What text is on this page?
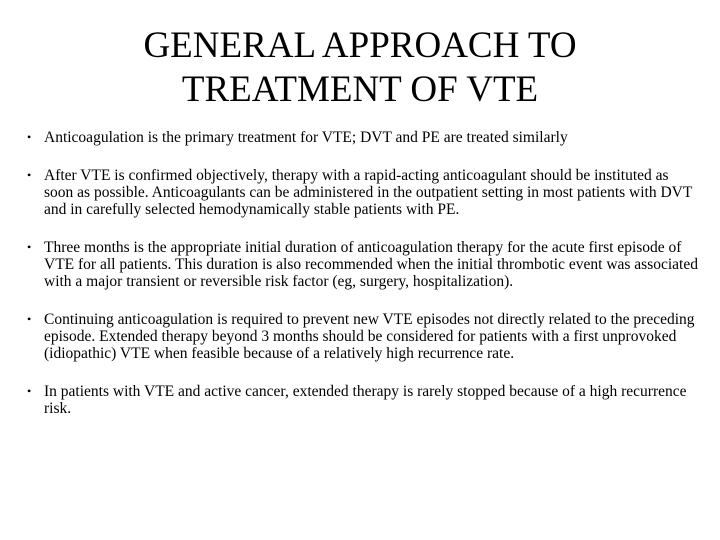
GENERAL APPROACH TO
TREATMENT OF VTE
• Anticoagulation is the primary treatment for VTE; DVT and PE are treated similarly
• After VTE is confirmed objectively, therapy with a rapid-acting anticoagulant should be instituted as soon as possible. Anticoagulants can be administered in the outpatient setting in most patients with DVT and in carefully selected hemodynamically stable patients with PE.
• Three months is the appropriate initial duration of anticoagulation therapy for the acute first episode of VTE for all patients. This duration is also recommended when the initial thrombotic event was associated with a major transient or reversible risk factor (eg, surgery, hospitalization).
• Continuing anticoagulation is required to prevent new VTE episodes not directly related to the preceding episode. Extended therapy beyond 3 months should be considered for patients with a first unprovoked (idiopathic) VTE when feasible because of a relatively high recurrence rate.
• In patients with VTE and active cancer, extended therapy is rarely stopped because of a high recurrence risk.
